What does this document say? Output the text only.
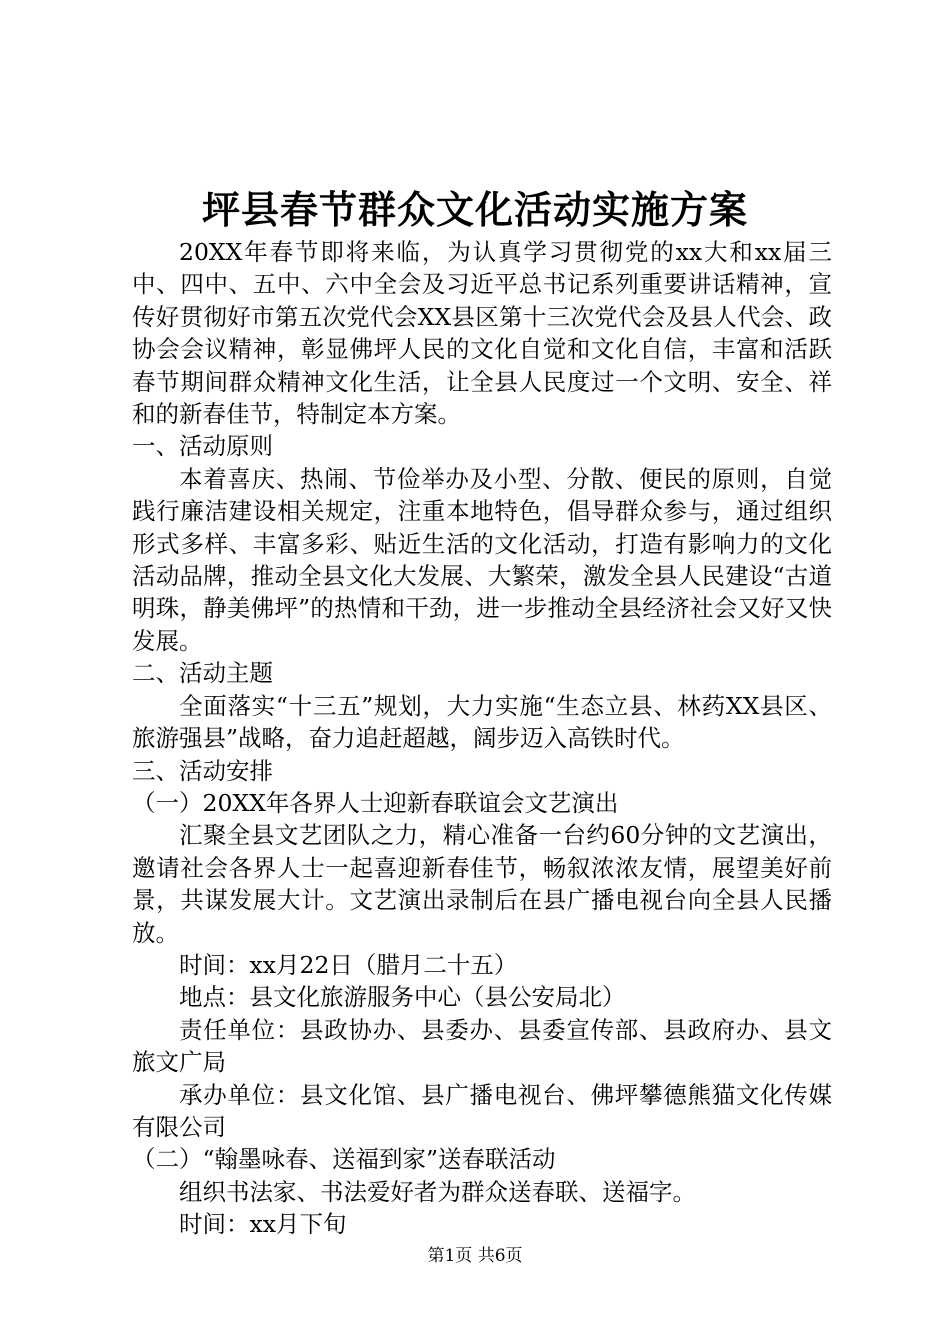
坪县春节群众文化活动实施方案

20XX年春节即将来临，为认真学习贯彻党的xx大和xx届三中、四中、五中、六中全会及习近平总书记系列重要讲话精神，宣传好贯彻好市第五次党代会XX县区第十三次党代会及县人代会、政协会会议精神，彰显佛坪人民的文化自觉和文化自信，丰富和活跃春节期间群众精神文化生活，让全县人民度过一个文明、安全、祥和的新春佳节，特制定本方案。

一、活动原则

本着喜庆、热闹、节俭举办及小型、分散、便民的原则，自觉践行廉洁建设相关规定，注重本地特色，倡导群众参与，通过组织形式多样、丰富多彩、贴近生活的文化活动，打造有影响力的文化活动品牌，推动全县文化大发展、大繁荣，激发全县人民建设“古道明珠，静美佛坪”的热情和干劲，进一步推动全县经济社会又好又快发展。

二、活动主题

全面落实“十三五”规划，大力实施“生态立县、林药XX县区、旅游强县”战略，奋力追赶超越，阔步迈入高铁时代。

三、活动安排

（一）20XX年各界人士迎新春联谊会文艺演出

汇聚全县文艺团队之力，精心准备一台约60分钟的文艺演出，邀请社会各界人士一起喜迎新春佳节，畅叙浓浓友情，展望美好前景，共谋发展大计。文艺演出录制后在县广播电视台向全县人民播放。

时间：xx月22日（腊月二十五）

地点：县文化旅游服务中心（县公安局北）

责任单位：县政协办、县委办、县委宣传部、县政府办、县文旅文广局

承办单位：县文化馆、县广播电视台、佛坪攀德熊猫文化传媒有限公司

（二）“翰墨咏春、送福到家”送春联活动

组织书法家、书法爱好者为群众送春联、送福字。

时间：xx月下旬

第1页 共6页
